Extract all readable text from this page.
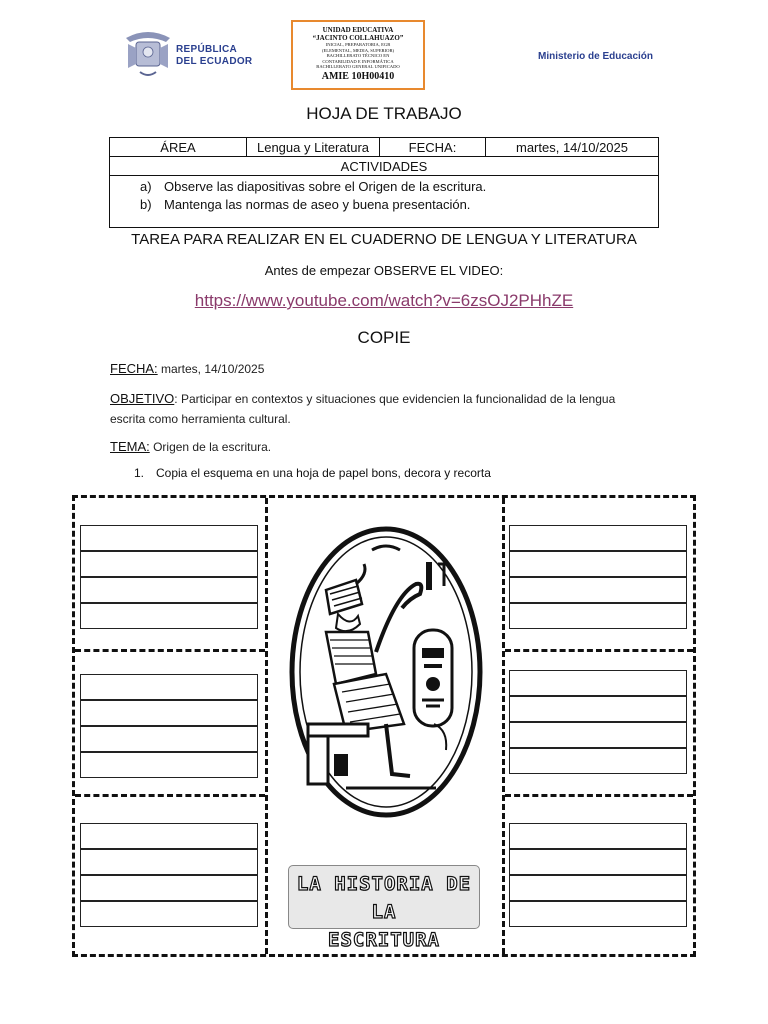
REPÚBLICA
DEL ECUADOR
UNIDAD EDUCATIVA
“JACINTO COLLAHUAZO”
INICIAL, PREPARATORIA, EGB
(ELEMENTAL, MEDIA, SUPERIOR)
BACHILLERATO TÉCNICO EN
CONTABILIDAD E INFORMÁTICA
BACHILLERATO GENERAL UNIFICADO
AMIE 10H00410
Ministerio de Educación
HOJA DE TRABAJO
ÁREA	Lengua y Literatura	FECHA:	martes, 14/10/2025
ACTIVIDADES

a) Observe las diapositivas sobre el Origen de la escritura.
b) Mantenga las normas de aseo y buena presentación.
TAREA PARA REALIZAR EN EL CUADERNO DE LENGUA Y LITERATURA
Antes de empezar OBSERVE EL VIDEO:
https://www.youtube.com/watch?v=6zsOJ2PHhZE
COPIE
FECHA: martes, 14/10/2025
OBJETIVO: Participar en contextos y situaciones que evidencien la funcionalidad de la lengua escrita como herramienta cultural.
TEMA: Origen de la escritura.
1. Copia el esquema en una hoja de papel bons, decora y recorta
LA HISTORIA DE LA
ESCRITURA
